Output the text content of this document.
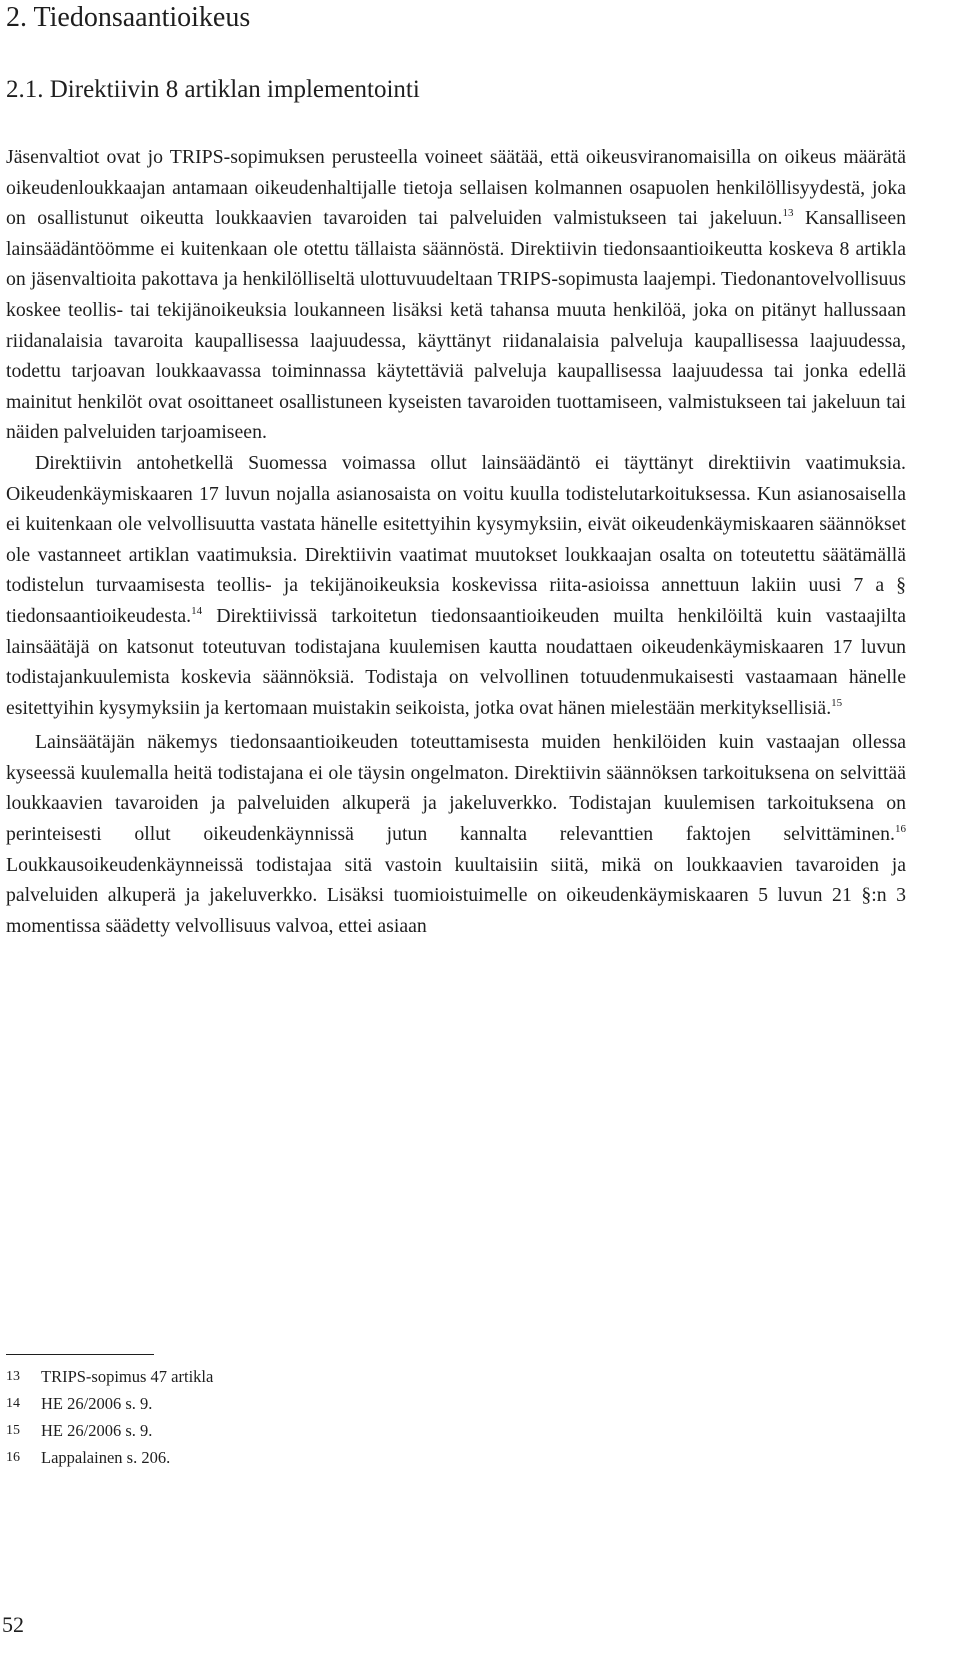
2. Tiedonsaantioikeus
2.1. Direktiivin 8 artiklan implementointi

Jäsenvaltiot ovat jo TRIPS-sopimuksen perusteella voineet säätää, että oikeusviranomaisilla on oikeus määrätä oikeudenloukkaajan antamaan oikeudenhaltijalle tietoja sellaisen kolmannen osapuolen henkilöllisyydestä, joka on osallistunut oikeutta loukkaavien tavaroiden tai palveluiden valmistukseen tai jakeluun.$^{13}$ Kansalliseen lainsäädäntöömme ei kuitenkaan ole otettu tällaista säännöstä. Direktiivin tiedonsaantioikeutta koskeva 8 artikla on jäsenvaltioita pakottava ja henkilölliseltä ulottuvuudeltaan TRIPS-sopimusta laajempi. Tiedonantovelvollisuus koskee teollis- tai tekijänoikeuksia loukanneen lisäksi ketä tahansa muuta henkilöä, joka on pitänyt hallussaan riidanalaisia tavaroita kaupallisessa laajuudessa, käyttänyt riidanalaisia palveluja kaupallisessa laajuudessa, todettu tarjoavan loukkaavassa toiminnassa käytettäviä palveluja kaupallisessa laajuudessa tai jonka edellä mainitut henkilöt ovat osoittaneet osallistuneen kyseisten tavaroiden tuottamiseen, valmistukseen tai jakeluun tai näiden palveluiden tarjoamiseen.

Direktiivin antohetkellä Suomessa voimassa ollut lainsäädäntö ei täyttänyt direktiivin vaatimuksia. Oikeudenkäymiskaaren 17 luvun nojalla asianosaista on voitu kuulla todistelutarkoituksessa. Kun asianosaisella ei kuitenkaan ole velvollisuutta vastata hänelle esitettyihin kysymyksiin, eivät oikeudenkäymiskaaren säännökset ole vastanneet artiklan vaatimuksia. Direktiivin vaatimat muutokset loukkaajan osalta on toteutettu säätämällä todistelun turvaamisesta teollis- ja tekijänoikeuksia koskevissa riita-asioissa annettuun lakiin uusi 7 a § tiedonsaantioikeudesta.$^{14}$ Direktiivissä tarkoitetun tiedonsaantioikeuden muilta henkilöiltä kuin vastaajilta lainsäätäjä on katsonut toteutuvan todistajana kuulemisen kautta noudattaen oikeudenkäymiskaaren 17 luvun todistajankuulemista koskevia säännöksiä. Todistaja on velvollinen totuudenmukaisesti vastaamaan hänelle esitettyihin kysymyksiin ja kertomaan muistakin seikoista, jotka ovat hänen mielestään merkityksellisiä.$^{15}$

Lainsäätäjän näkemys tiedonsaantioikeuden toteuttamisesta muiden henkilöiden kuin vastaajan ollessa kyseessä kuulemalla heitä todistajana ei ole täysin ongelmaton. Direktiivin säännöksen tarkoituksena on selvittää loukkaavien tavaroiden ja palveluiden alkuperä ja jakeluverkko. Todistajan kuulemisen tarkoituksena on perinteisesti ollut oikeudenkäynnissä jutun kannalta relevanttien faktojen selvittäminen.$^{16}$ Loukkausoikeudenkäynneissä todistajaa sitä vastoin kuultaisiin siitä, mikä on loukkaavien tavaroiden ja palveluiden alkuperä ja jakeluverkko. Lisäksi tuomioistuimelle on oikeudenkäymiskaaren 5 luvun 21 §:n 3 momentissa säädetty velvollisuus valvoa, ettei asiaan

13	TRIPS-sopimus 47 artikla
14	HE 26/2006 s. 9.
15	HE 26/2006 s. 9.
16	Lappalainen s. 206.
52
